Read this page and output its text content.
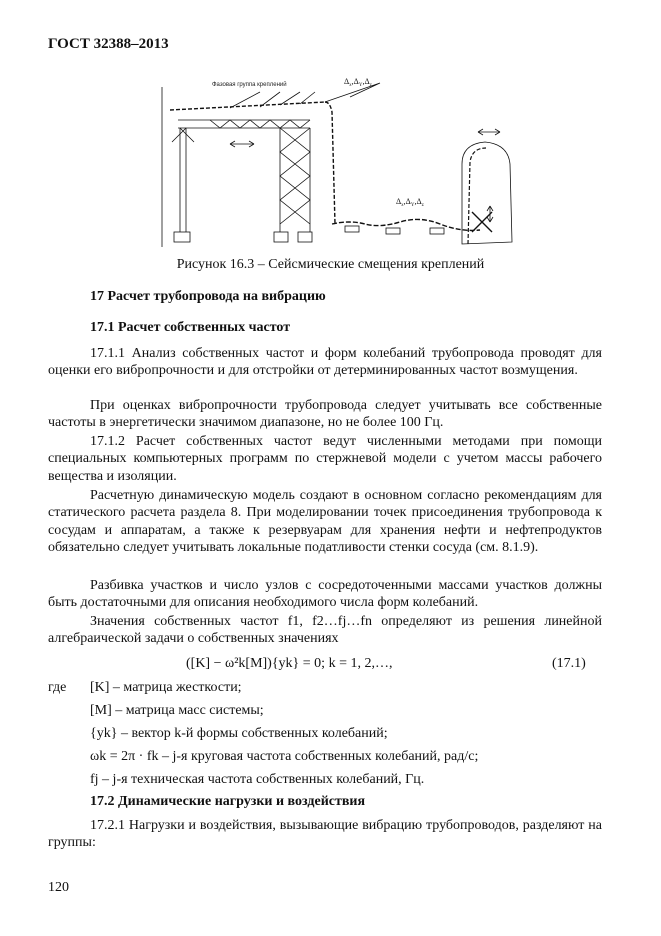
ГОСТ 32388–2013
Фазовая группа креплений	$\Delta_x,\Delta_Y,\Delta_z$
$\Delta_x,\Delta_Y,\Delta_z$
Рисунок 16.3 – Сейсмические смещения креплений
17 Расчет трубопровода на вибрацию
17.1 Расчет собственных частот

17.1.1 Анализ собственных частот и форм колебаний трубопровода проводят для оценки его вибропрочности и для отстройки от детерминированных частот возмущения.

При оценках вибропрочности трубопровода следует учитывать все собственные частоты в энергетически значимом диапазоне, но не более 100 Гц.

17.1.2 Расчет собственных частот ведут численными методами при помощи специальных компьютерных программ по стержневой модели с учетом массы рабочего вещества и изоляции.

Расчетную динамическую модель создают в основном согласно рекомендациям для статического расчета раздела 8. При моделировании точек присоединения трубопровода к сосудам и аппаратам, а также к резервуарам для хранения нефти и нефтепродуктов обязательно следует учитывать локальные податливости стенки сосуда (см. 8.1.9).

Разбивка участков и число узлов с сосредоточенными массами участков должны быть достаточными для описания необходимого числа форм колебаний.

Значения собственных частот f1, f2…fj…fn определяют из решения линейной алгебраической задачи о собственных значениях

([K] − ω²k[M]){yk} = 0; k = 1, 2,…,	(17.1)
где [K] – матрица жесткости;
[M] – матрица масс системы;
{yk} – вектор k-й формы собственных колебаний;
ωk = 2π · fk – j-я круговая частота собственных колебаний, рад/с;
fj – j-я техническая частота собственных колебаний, Гц.
17.2 Динамические нагрузки и воздействия

17.2.1 Нагрузки и воздействия, вызывающие вибрацию трубопроводов, разделяют на группы:

120
